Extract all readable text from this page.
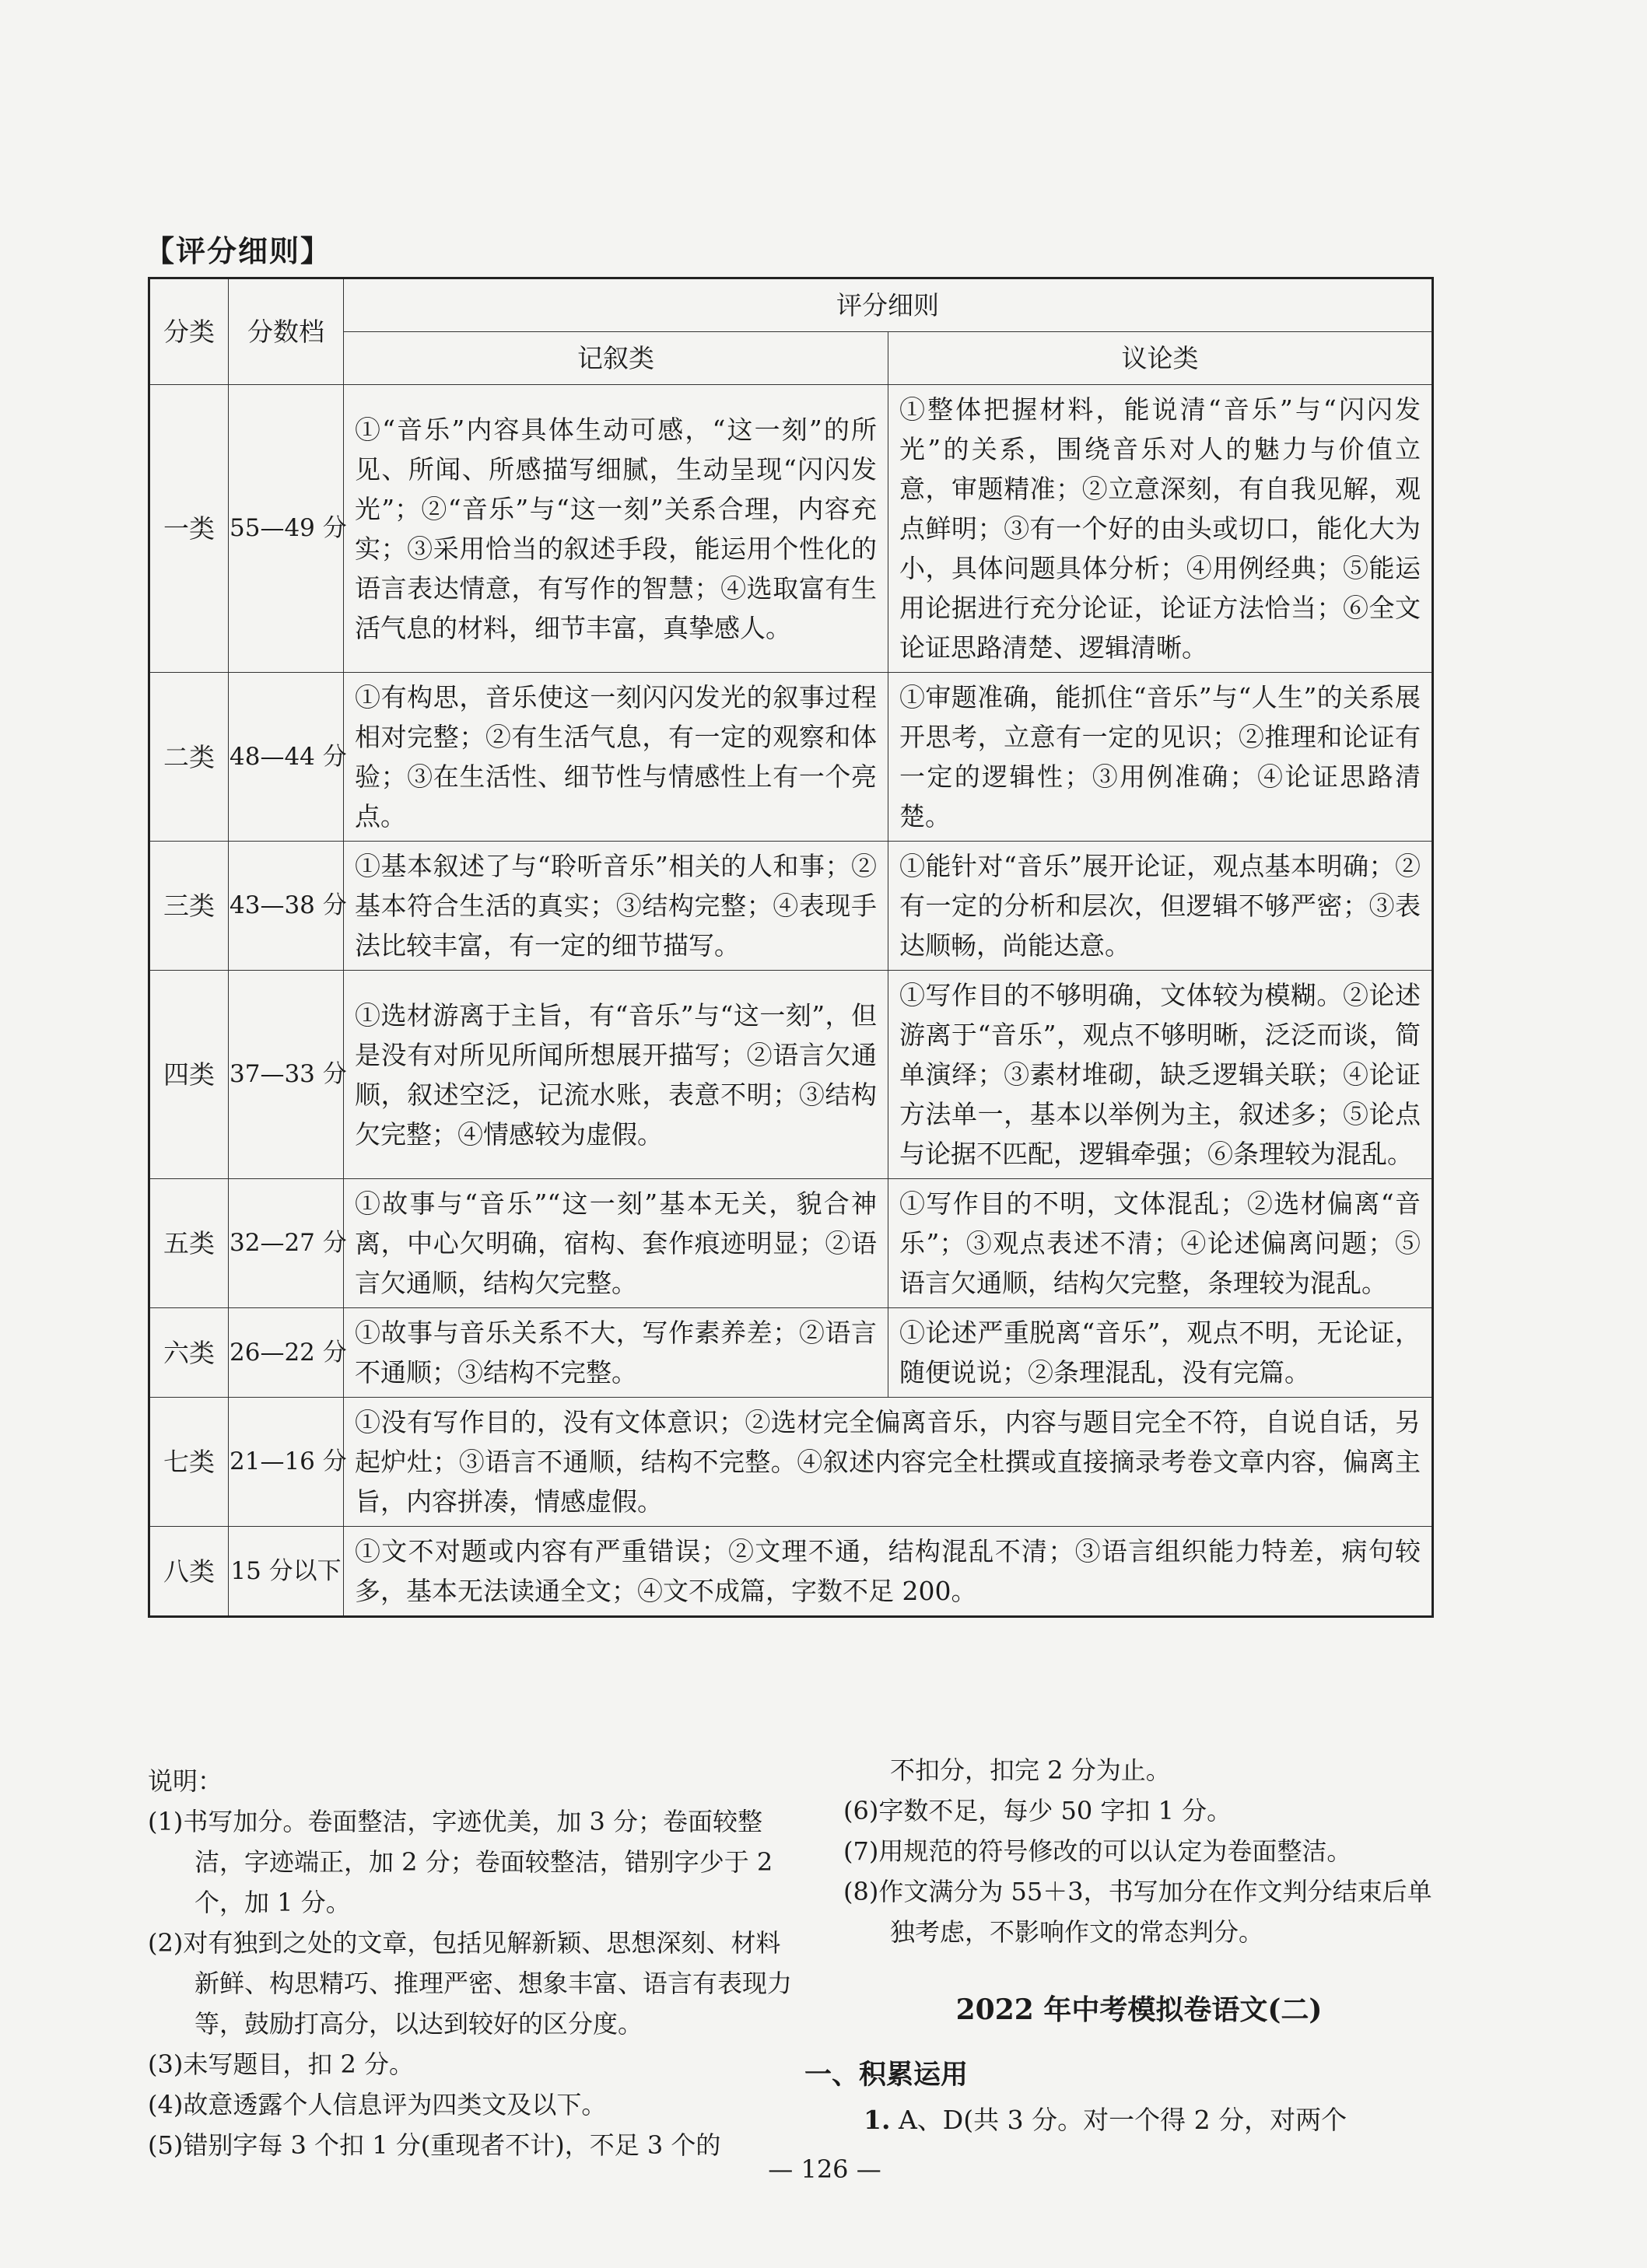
【评分细则】
分类	分数档	评分细则	
		记叙类	议论类
一类	55—49 分	①“音乐”内容具体生动可感，“这一刻”的所见、所闻、所感描写细腻，生动呈现“闪闪发光”；②“音乐”与“这一刻”关系合理，内容充实；③采用恰当的叙述手段，能运用个性化的语言表达情意，有写作的智慧；④选取富有生活气息的材料，细节丰富，真挚感人。	①整体把握材料，能说清“音乐”与“闪闪发光”的关系，围绕音乐对人的魅力与价值立意，审题精准；②立意深刻，有自我见解，观点鲜明；③有一个好的由头或切口，能化大为小，具体问题具体分析；④用例经典；⑤能运用论据进行充分论证，论证方法恰当；⑥全文论证思路清楚、逻辑清晰。
二类	48—44 分	①有构思，音乐使这一刻闪闪发光的叙事过程相对完整；②有生活气息，有一定的观察和体验；③在生活性、细节性与情感性上有一个亮点。	①审题准确，能抓住“音乐”与“人生”的关系展开思考，立意有一定的见识；②推理和论证有一定的逻辑性；③用例准确；④论证思路清楚。
三类	43—38 分	①基本叙述了与“聆听音乐”相关的人和事；②基本符合生活的真实；③结构完整；④表现手法比较丰富，有一定的细节描写。	①能针对“音乐”展开论证，观点基本明确；②有一定的分析和层次，但逻辑不够严密；③表达顺畅，尚能达意。
四类	37—33 分	①选材游离于主旨，有“音乐”与“这一刻”，但是没有对所见所闻所想展开描写；②语言欠通顺，叙述空泛，记流水账，表意不明；③结构欠完整；④情感较为虚假。	①写作目的不够明确，文体较为模糊。②论述游离于“音乐”，观点不够明晰，泛泛而谈，简单演绎；③素材堆砌，缺乏逻辑关联；④论证方法单一，基本以举例为主，叙述多；⑤论点与论据不匹配，逻辑牵强；⑥条理较为混乱。
五类	32—27 分	①故事与“音乐”“这一刻”基本无关，貌合神离，中心欠明确，宿构、套作痕迹明显；②语言欠通顺，结构欠完整。	①写作目的不明，文体混乱；②选材偏离“音乐”；③观点表述不清；④论述偏离问题；⑤语言欠通顺，结构欠完整，条理较为混乱。
六类	26—22 分	①故事与音乐关系不大，写作素养差；②语言不通顺；③结构不完整。	①论述严重脱离“音乐”，观点不明，无论证，随便说说；②条理混乱，没有完篇。
七类	21—16 分	①没有写作目的，没有文体意识；②选材完全偏离音乐，内容与题目完全不符，自说自话，另起炉灶；③语言不通顺，结构不完整。④叙述内容完全杜撰或直接摘录考卷文章内容，偏离主旨，内容拼凑，情感虚假。	
八类	15 分以下	①文不对题或内容有严重错误；②文理不通，结构混乱不清；③语言组织能力特差，病句较多，基本无法读通全文；④文不成篇，字数不足 200。	

说明：

(1)书写加分。卷面整洁，字迹优美，加 3 分；卷面较整洁，字迹端正，加 2 分；卷面较整洁，错别字少于 2 个，加 1 分。

(2)对有独到之处的文章，包括见解新颖、思想深刻、材料新鲜、构思精巧、推理严密、想象丰富、语言有表现力等，鼓励打高分，以达到较好的区分度。

(3)未写题目，扣 2 分。

(4)故意透露个人信息评为四类文及以下。

(5)错别字每 3 个扣 1 分(重现者不计)，不足 3 个的

不扣分，扣完 2 分为止。

(6)字数不足，每少 50 字扣 1 分。

(7)用规范的符号修改的可以认定为卷面整洁。

(8)作文满分为 55＋3，书写加分在作文判分结束后单独考虑，不影响作文的常态判分。

2022 年中考模拟卷语文(二)
一、积累运用
1. A、D(共 3 分。对一个得 2 分，对两个
— 126 —
